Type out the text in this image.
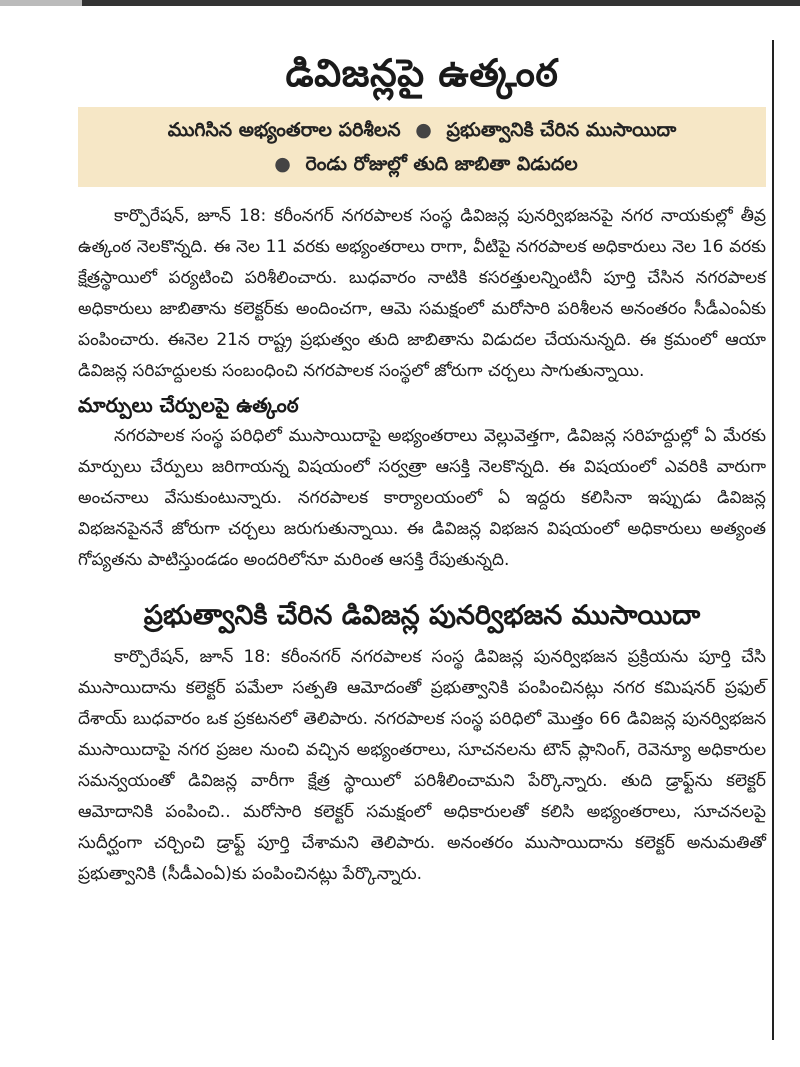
డివిజన్లపై ఉత్కంఠ
ముగిసిన అభ్యంతరాల పరిశీలన ● ప్రభుత్వానికి చేరిన ముసాయిదా
● రెండు రోజుల్లో తుది జాబితా విడుదల

కార్పొరేషన్, జూన్ 18: కరీంనగర్ నగరపాలక సంస్థ డివిజన్ల పునర్విభజనపై నగర నాయకుల్లో తీవ్ర ఉత్కంఠ నెలకొన్నది. ఈ నెల 11 వరకు అభ్యంతరాలు రాగా, వీటిపై నగరపాలక అధికారులు నెల 16 వరకు క్షేత్రస్థాయిలో పర్యటించి పరిశీలించారు. బుధవారం నాటికి కసరత్తులన్నింటినీ పూర్తి చేసిన నగరపాలక అధికారులు జాబితాను కలెక్టర్‌కు అందించగా, ఆమె సమక్షంలో మరోసారి పరిశీలన అనంతరం సీడీఎంఏకు పంపించారు. ఈనెల 21న రాష్ట్ర ప్రభుత్వం తుది జాబితాను విడుదల చేయనున్నది. ఈ క్రమంలో ఆయా డివిజన్ల సరిహద్దులకు సంబంధించి నగరపాలక సంస్థలో జోరుగా చర్చలు సాగుతున్నాయి.

మార్పులు చేర్పులపై ఉత్కంఠ

నగరపాలక సంస్థ పరిధిలో ముసాయిదాపై అభ్యంతరాలు వెల్లువెత్తగా, డివిజన్ల సరిహద్దుల్లో ఏ మేరకు మార్పులు చేర్పులు జరిగాయన్న విషయంలో సర్వత్రా ఆసక్తి నెలకొన్నది. ఈ విషయంలో ఎవరికి వారుగా అంచనాలు వేసుకుంటున్నారు. నగరపాలక కార్యాలయంలో ఏ ఇద్దరు కలిసినా ఇప్పుడు డివిజన్ల విభజనపైననే జోరుగా చర్చలు జరుగుతున్నాయి. ఈ డివిజన్ల విభజన విషయంలో అధికారులు అత్యంత గోప్యతను పాటిస్తుండడం అందరిలోనూ మరింత ఆసక్తి రేపుతున్నది.

ప్రభుత్వానికి చేరిన డివిజన్ల పునర్విభజన ముసాయిదా

కార్పొరేషన్, జూన్ 18: కరీంనగర్ నగరపాలక సంస్థ డివిజన్ల పునర్విభజన ప్రక్రియను పూర్తి చేసి ముసాయిదాను కలెక్టర్ పమేలా సత్పతి ఆమోదంతో ప్రభుత్వానికి పంపించినట్లు నగర కమిషనర్ ప్రఫుల్ దేశాయ్ బుధవారం ఒక ప్రకటనలో తెలిపారు. నగరపాలక సంస్థ పరిధిలో మొత్తం 66 డివిజన్ల పునర్విభజన ముసాయిదాపై నగర ప్రజల నుంచి వచ్చిన అభ్యంతరాలు, సూచనలను టౌన్ ప్లానింగ్, రెవెన్యూ అధికారుల సమన్వయంతో డివిజన్ల వారీగా క్షేత్ర స్థాయిలో పరిశీలించామని పేర్కొన్నారు. తుది డ్రాఫ్ట్‌ను కలెక్టర్ ఆమోదానికి పంపించి.. మరోసారి కలెక్టర్ సమక్షంలో అధికారులతో కలిసి అభ్యంతరాలు, సూచనలపై సుదీర్ఘంగా చర్చించి డ్రాఫ్ట్ పూర్తి చేశామని తెలిపారు. అనంతరం ముసాయిదాను కలెక్టర్ అనుమతితో ప్రభుత్వానికి (సీడీఎంఏ)కు పంపించినట్లు పేర్కొన్నారు.
